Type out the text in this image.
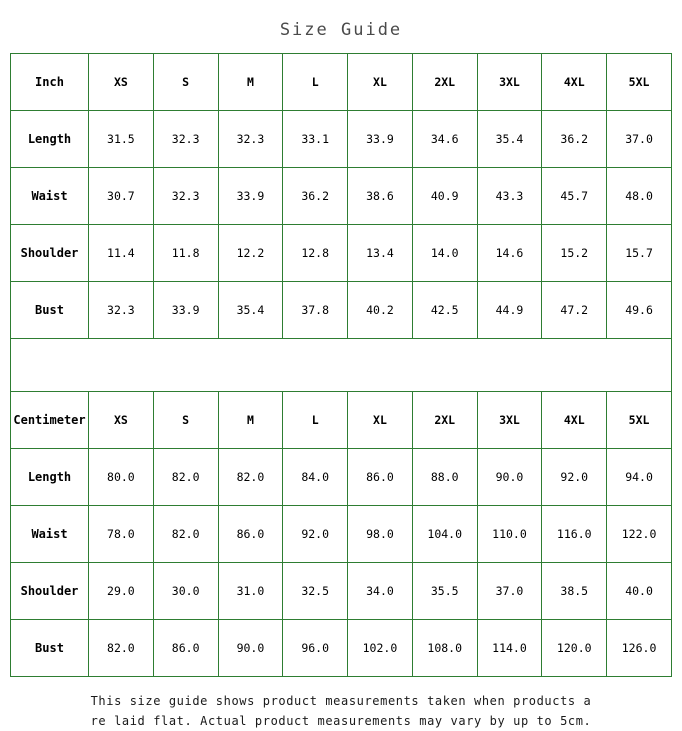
Size Guide
Inch	XS	S	M	L	XL	2XL	3XL	4XL	5XL
Length	31.5	32.3	32.3	33.1	33.9	34.6	35.4	36.2	37.0
Waist	30.7	32.3	33.9	36.2	38.6	40.9	43.3	45.7	48.0
Shoulder	11.4	11.8	12.2	12.8	13.4	14.0	14.6	15.2	15.7
Bust	32.3	33.9	35.4	37.8	40.2	42.5	44.9	47.2	49.6
Centimeter	XS	S	M	L	XL	2XL	3XL	4XL	5XL
Length	80.0	82.0	82.0	84.0	86.0	88.0	90.0	92.0	94.0
Waist	78.0	82.0	86.0	92.0	98.0	104.0	110.0	116.0	122.0
Shoulder	29.0	30.0	31.0	32.5	34.0	35.5	37.0	38.5	40.0
Bust	82.0	86.0	90.0	96.0	102.0	108.0	114.0	120.0	126.0
This size guide shows product measurements taken when products a
re laid flat. Actual product measurements may vary by up to 5cm.
